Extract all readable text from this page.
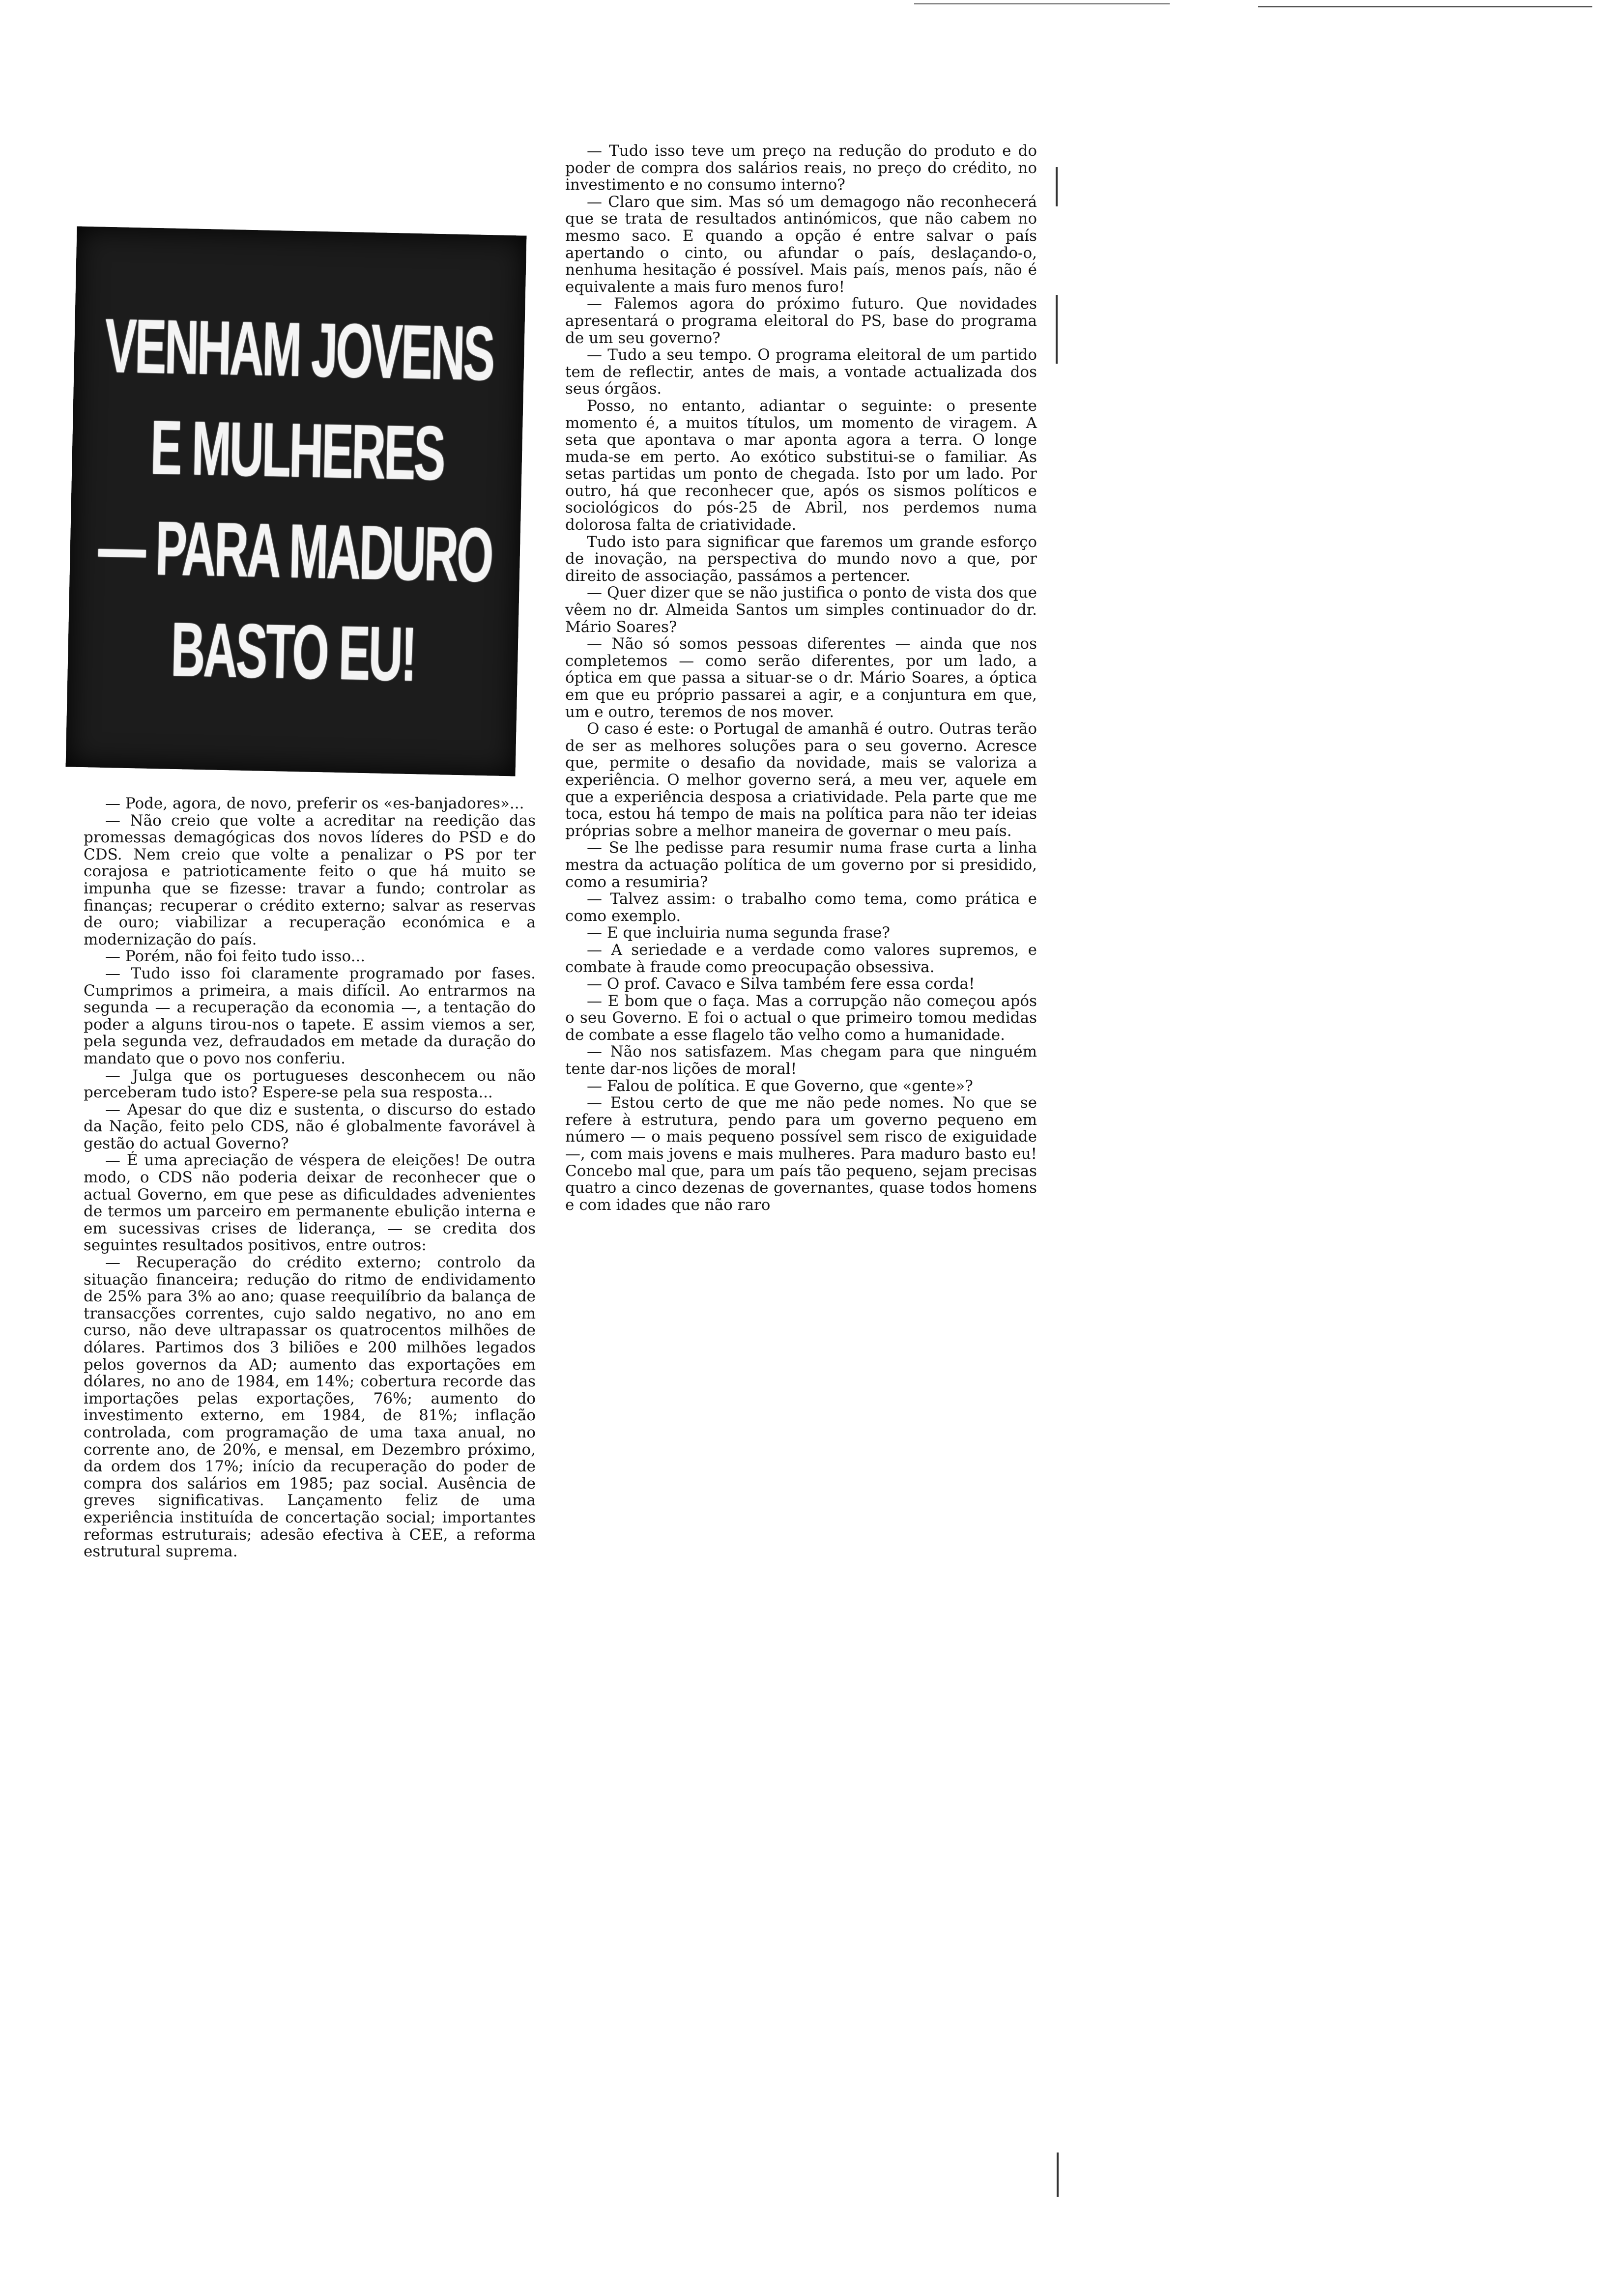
VENHAM JOVENS
E MULHERES
— PARA MADURO
BASTO EU!

— Pode, agora, de novo, preferir os «es-banjadores»...

— Não creio que volte a acreditar na reedição das promessas demagógicas dos novos líderes do PSD e do CDS. Nem creio que volte a penalizar o PS por ter corajosa e patrioticamente feito o que há muito se impunha que se fizesse: travar a fundo; controlar as finanças; recuperar o crédito externo; salvar as reservas de ouro; viabilizar a recuperação económica e a modernização do país.

— Porém, não foi feito tudo isso...

— Tudo isso foi claramente programado por fases. Cumprimos a primeira, a mais difícil. Ao entrarmos na segunda — a recuperação da economia —, a tentação do poder a alguns tirou-nos o tapete. E assim viemos a ser, pela segunda vez, defraudados em metade da duração do mandato que o povo nos conferiu.

— Julga que os portugueses desconhecem ou não perceberam tudo isto? Espere-se pela sua resposta...

— Apesar do que diz e sustenta, o discurso do estado da Nação, feito pelo CDS, não é globalmente favorável à gestão do actual Governo?

— É uma apreciação de véspera de eleições! De outra modo, o CDS não poderia deixar de reconhecer que o actual Governo, em que pese as dificuldades advenientes de termos um parceiro em permanente ebulição interna e em sucessivas crises de liderança, — se credita dos seguintes resultados positivos, entre outros:

— Recuperação do crédito externo; controlo da situação financeira; redução do ritmo de endividamento de 25% para 3% ao ano; quase reequilíbrio da balança de transacções correntes, cujo saldo negativo, no ano em curso, não deve ultrapassar os quatrocentos milhões de dólares. Partimos dos 3 biliões e 200 milhões legados pelos governos da AD; aumento das exportações em dólares, no ano de 1984, em 14%; cobertura recorde das importações pelas exportações, 76%; aumento do investimento externo, em 1984, de 81%; inflação controlada, com programação de uma taxa anual, no corrente ano, de 20%, e mensal, em Dezembro próximo, da ordem dos 17%; início da recuperação do poder de compra dos salários em 1985; paz social. Ausência de greves significativas. Lançamento feliz de uma experiência instituída de concertação social; importantes reformas estruturais; adesão efectiva à CEE, a reforma estrutural suprema.

— Tudo isso teve um preço na redução do produto e do poder de compra dos salários reais, no preço do crédito, no investimento e no consumo interno?

— Claro que sim. Mas só um demagogo não reconhecerá que se trata de resultados antinómicos, que não cabem no mesmo saco. E quando a opção é entre salvar o país apertando o cinto, ou afundar o país, deslaçando-o, nenhuma hesitação é possível. Mais país, menos país, não é equivalente a mais furo menos furo!

— Falemos agora do próximo futuro. Que novidades apresentará o programa eleitoral do PS, base do programa de um seu governo?

— Tudo a seu tempo. O programa eleitoral de um partido tem de reflectir, antes de mais, a vontade actualizada dos seus órgãos.

Posso, no entanto, adiantar o seguinte: o presente momento é, a muitos títulos, um momento de viragem. A seta que apontava o mar aponta agora a terra. O longe muda-se em perto. Ao exótico substitui-se o familiar. As setas partidas um ponto de chegada. Isto por um lado. Por outro, há que reconhecer que, após os sismos políticos e sociológicos do pós-25 de Abril, nos perdemos numa dolorosa falta de criatividade.

Tudo isto para significar que faremos um grande esforço de inovação, na perspectiva do mundo novo a que, por direito de associação, passámos a pertencer.

— Quer dizer que se não justifica o ponto de vista dos que vêem no dr. Almeida Santos um simples continuador do dr. Mário Soares?

— Não só somos pessoas diferentes — ainda que nos completemos — como serão diferentes, por um lado, a óptica em que passa a situar-se o dr. Mário Soares, a óptica em que eu próprio passarei a agir, e a conjuntura em que, um e outro, teremos de nos mover.

O caso é este: o Portugal de amanhã é outro. Outras terão de ser as melhores soluções para o seu governo. Acresce que, permite o desafio da novidade, mais se valoriza a experiência. O melhor governo será, a meu ver, aquele em que a experiência desposa a criatividade. Pela parte que me toca, estou há tempo de mais na política para não ter ideias próprias sobre a melhor maneira de governar o meu país.

— Se lhe pedisse para resumir numa frase curta a linha mestra da actuação política de um governo por si presidido, como a resumiria?

— Talvez assim: o trabalho como tema, como prática e como exemplo.

— E que incluiria numa segunda frase?

— A seriedade e a verdade como valores supremos, e combate à fraude como preocupação obsessiva.

— O prof. Cavaco e Silva também fere essa corda!

— E bom que o faça. Mas a corrupção não começou após o seu Governo. E foi o actual o que primeiro tomou medidas de combate a esse flagelo tão velho como a humanidade.

— Não nos satisfazem. Mas chegam para que ninguém tente dar-nos lições de moral!

— Falou de política. E que Governo, que «gente»?

— Estou certo de que me não pede nomes. No que se refere à estrutura, pendo para um governo pequeno em número — o mais pequeno possível sem risco de exiguidade —, com mais jovens e mais mulheres. Para maduro basto eu! Concebo mal que, para um país tão pequeno, sejam precisas quatro a cinco dezenas de governantes, quase todos homens e com idades que não raro
